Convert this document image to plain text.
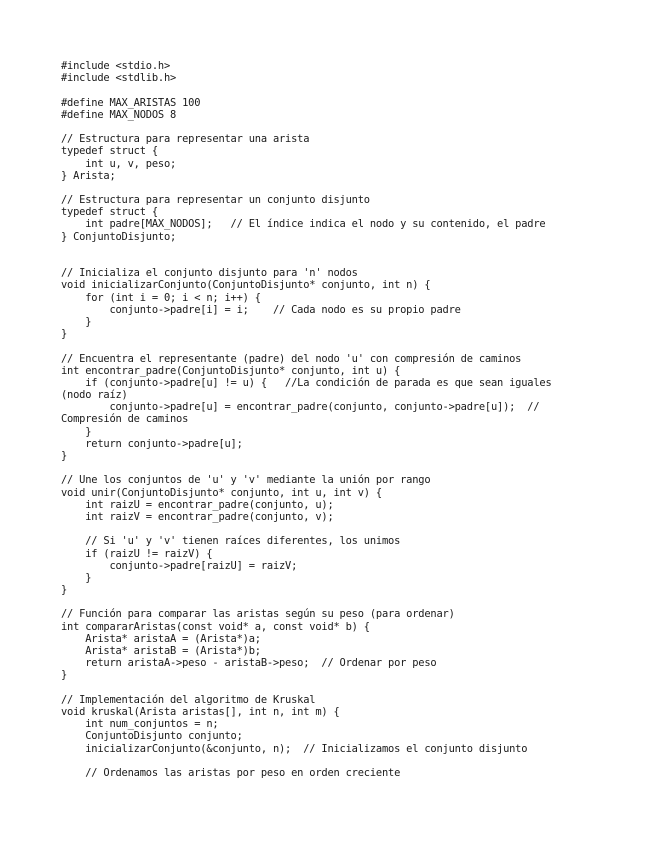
#include <stdio.h>
#include <stdlib.h>
#define MAX_ARISTAS 100
#define MAX_NODOS 8
// Estructura para representar una arista
typedef struct {
int u, v, peso;
} Arista;
// Estructura para representar un conjunto disjunto
typedef struct {
int padre[MAX_NODOS];   // El índice indica el nodo y su contenido, el padre
} ConjuntoDisjunto;
// Inicializa el conjunto disjunto para 'n' nodos
void inicializarConjunto(ConjuntoDisjunto* conjunto, int n) {
for (int i = 0; i < n; i++) {
conjunto->padre[i] = i;    // Cada nodo es su propio padre
}
}
// Encuentra el representante (padre) del nodo 'u' con compresión de caminos
int encontrar_padre(ConjuntoDisjunto* conjunto, int u) {
if (conjunto->padre[u] != u) {   //La condición de parada es que sean iguales
(nodo raíz)
conjunto->padre[u] = encontrar_padre(conjunto, conjunto->padre[u]);  //
Compresión de caminos
}
return conjunto->padre[u];
}
// Une los conjuntos de 'u' y 'v' mediante la unión por rango
void unir(ConjuntoDisjunto* conjunto, int u, int v) {
int raizU = encontrar_padre(conjunto, u);
int raizV = encontrar_padre(conjunto, v);
// Si 'u' y 'v' tienen raíces diferentes, los unimos
if (raizU != raizV) {
conjunto->padre[raizU] = raizV;
}
}
// Función para comparar las aristas según su peso (para ordenar)
int compararAristas(const void* a, const void* b) {
Arista* aristaA = (Arista*)a;
Arista* aristaB = (Arista*)b;
return aristaA->peso - aristaB->peso;  // Ordenar por peso
}
// Implementación del algoritmo de Kruskal
void kruskal(Arista aristas[], int n, int m) {
int num_conjuntos = n;
ConjuntoDisjunto conjunto;
inicializarConjunto(&conjunto, n);  // Inicializamos el conjunto disjunto
// Ordenamos las aristas por peso en orden creciente
